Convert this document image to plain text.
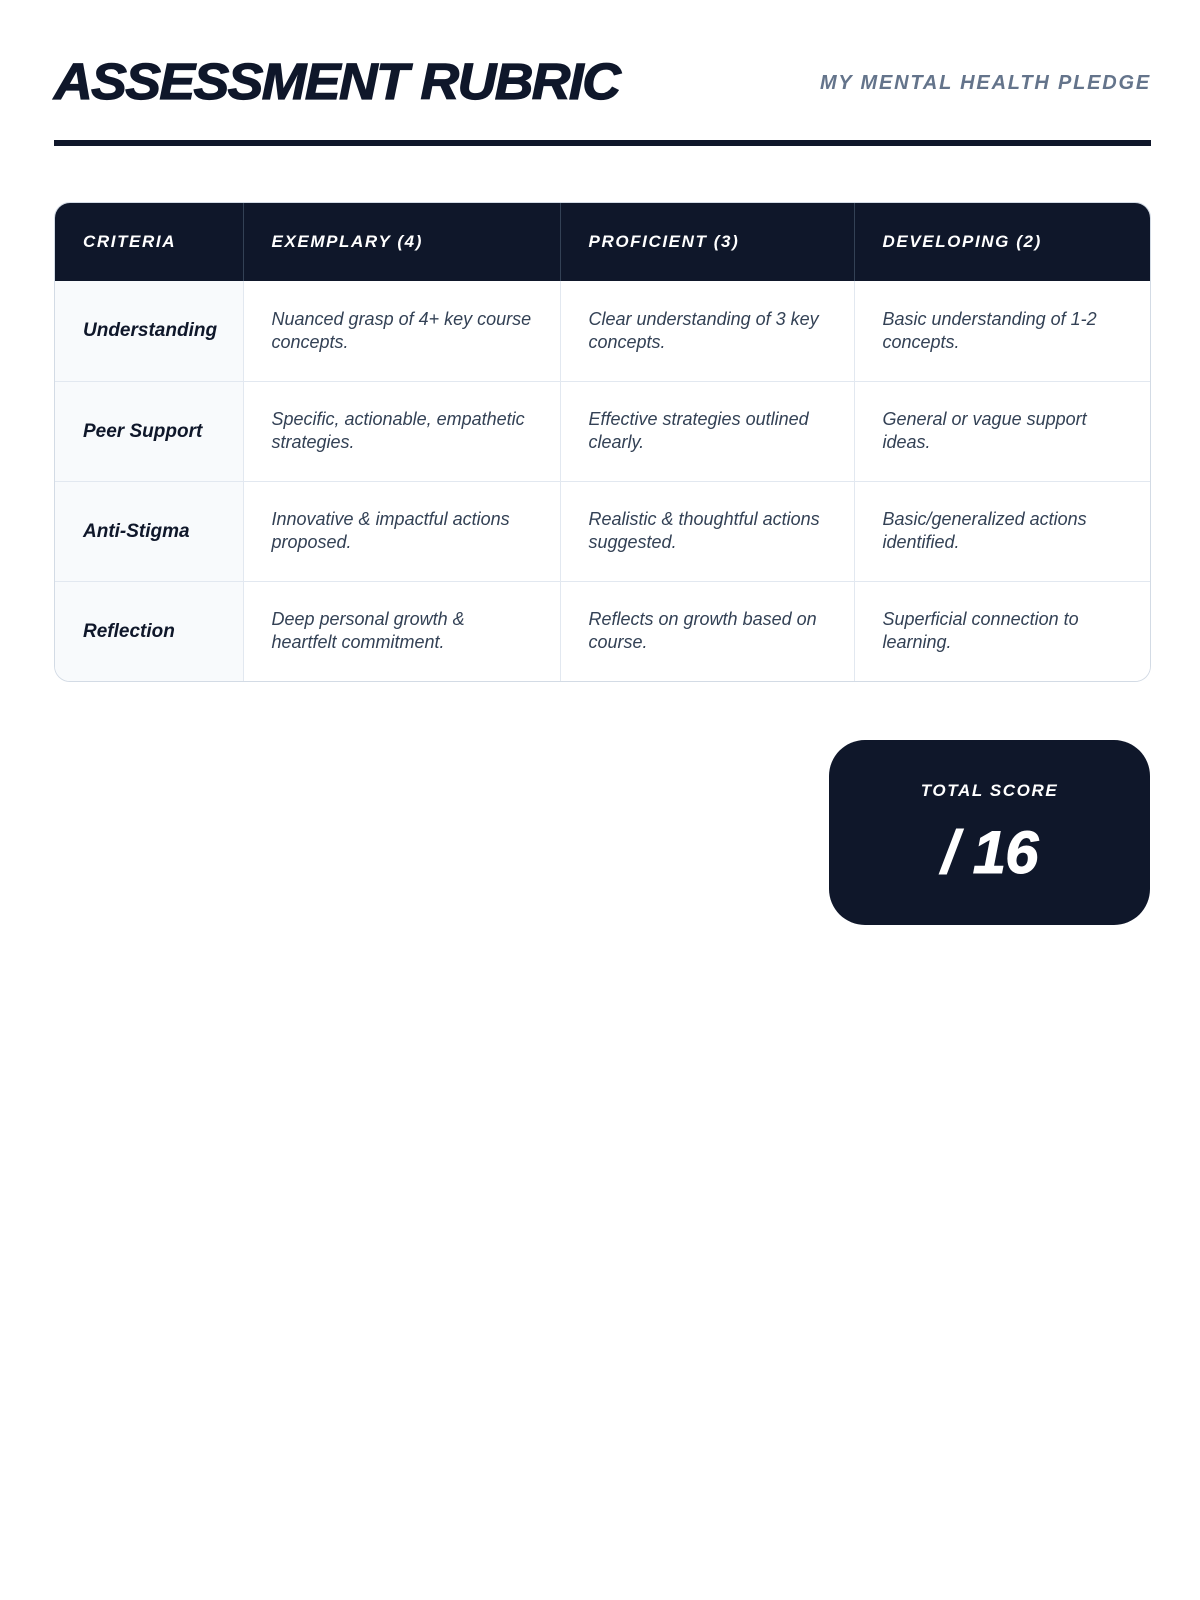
ASSESSMENT RUBRIC	MY MENTAL HEALTH PLEDGE
CRITERIA	EXEMPLARY (4)	PROFICIENT (3)	DEVELOPING (2)
Understanding	Nuanced grasp of 4+ key course concepts.	Clear understanding of 3 key concepts.	Basic understanding of 1-2 concepts.
Peer Support	Specific, actionable, empathetic strategies.	Effective strategies outlined clearly.	General or vague support ideas.
Anti-Stigma	Innovative & impactful actions proposed.	Realistic & thoughtful actions suggested.	Basic/generalized actions identified.
Reflection	Deep personal growth & heartfelt commitment.	Reflects on growth based on course.	Superficial connection to learning.
TOTAL SCORE
/ 16
